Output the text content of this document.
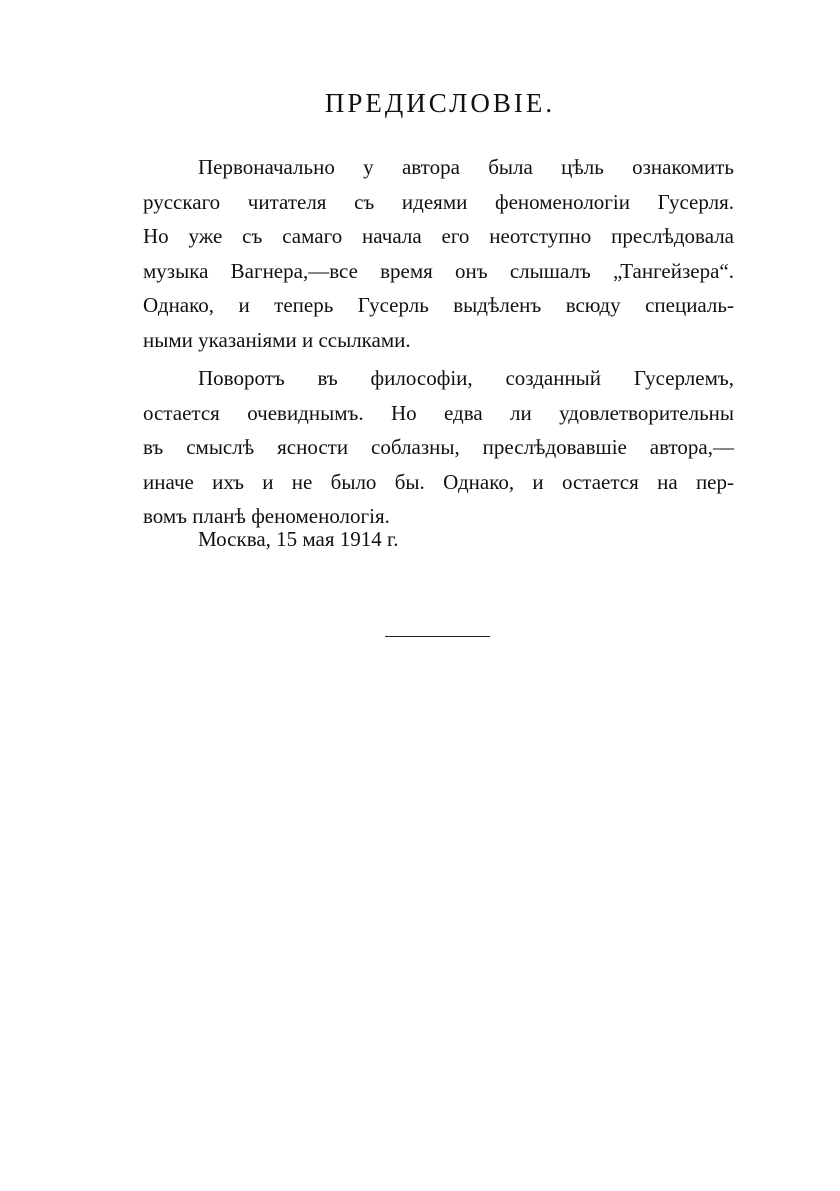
ПРЕДИСЛОВIЕ.
Первоначально у автора была цѣль ознакомить
русскаго читателя съ идеями феноменологiи Гусерля.
Но уже съ самаго начала его неотступно преслѣдовала
музыка Вагнера,—все время онъ слышалъ „Тангейзера“.
Однако, и теперь Гусерль выдѣленъ всюду специаль-
ными указанiями и ссылками.
Поворотъ въ философiи, созданный Гусерлемъ,
остается очевиднымъ. Но едва ли удовлетворительны
въ смыслѣ ясности соблазны, преслѣдовавшiе автора,—
иначе ихъ и не было бы. Однако, и остается на пер-
вомъ планѣ феноменологiя.
Москва, 15 мая 1914 г.
